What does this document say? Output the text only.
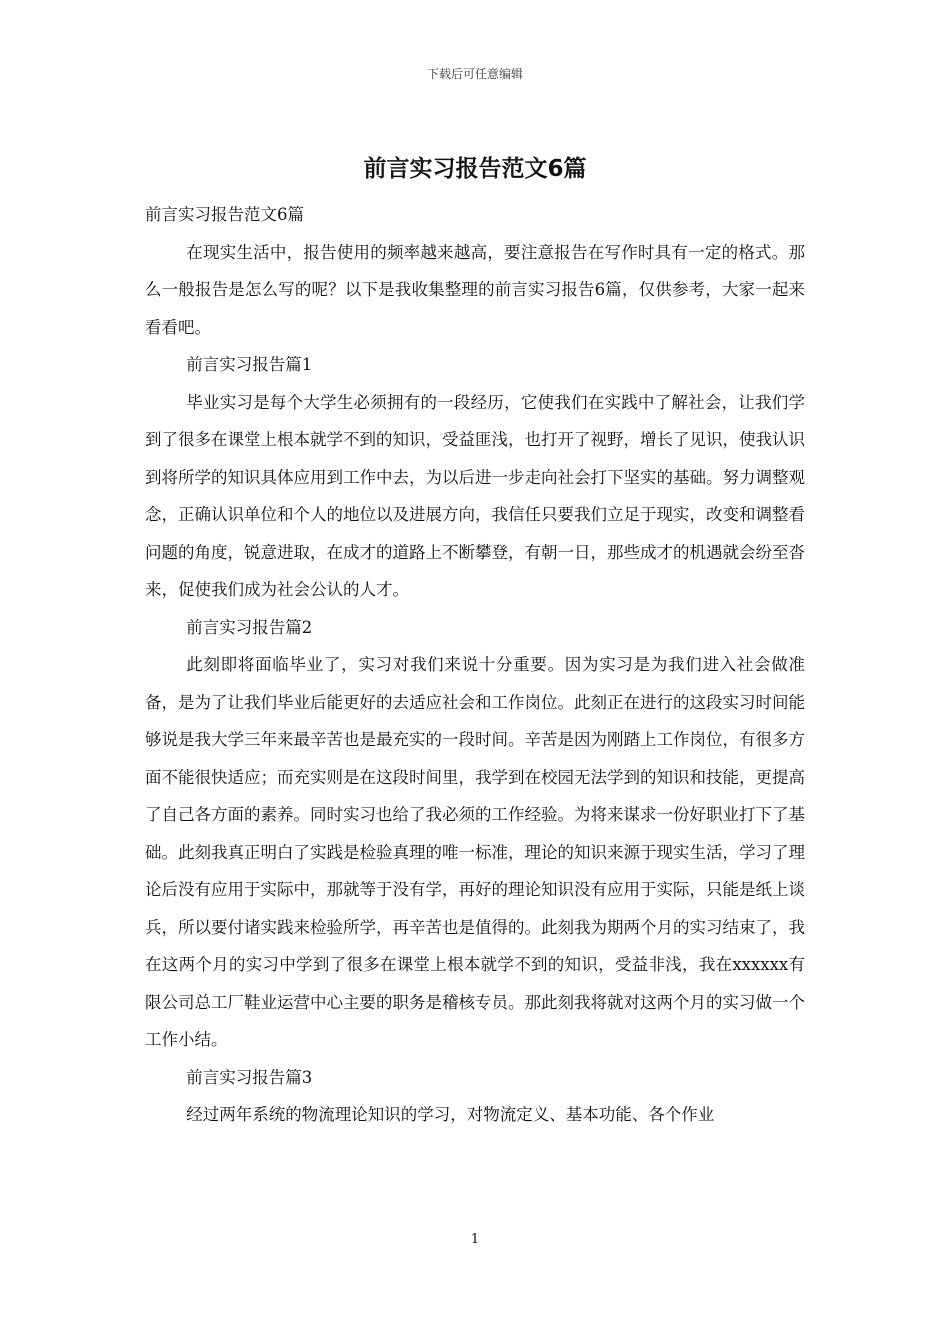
下载后可任意编辑
前言实习报告范文6篇

前言实习报告范文6篇

在现实生活中，报告使用的频率越来越高，要注意报告在写作时具有一定的格式。那么一般报告是怎么写的呢？以下是我收集整理的前言实习报告6篇，仅供参考，大家一起来看看吧。

前言实习报告篇1

毕业实习是每个大学生必须拥有的一段经历，它使我们在实践中了解社会，让我们学到了很多在课堂上根本就学不到的知识，受益匪浅，也打开了视野，增长了见识，使我认识到将所学的知识具体应用到工作中去，为以后进一步走向社会打下坚实的基础。努力调整观念，正确认识单位和个人的地位以及进展方向，我信任只要我们立足于现实，改变和调整看问题的角度，锐意进取，在成才的道路上不断攀登，有朝一日，那些成才的机遇就会纷至沓来，促使我们成为社会公认的人才。

前言实习报告篇2

此刻即将面临毕业了，实习对我们来说十分重要。因为实习是为我们进入社会做准备，是为了让我们毕业后能更好的去适应社会和工作岗位。此刻正在进行的这段实习时间能够说是我大学三年来最辛苦也是最充实的一段时间。辛苦是因为刚踏上工作岗位，有很多方面不能很快适应；而充实则是在这段时间里，我学到在校园无法学到的知识和技能，更提高了自己各方面的素养。同时实习也给了我必须的工作经验。为将来谋求一份好职业打下了基础。此刻我真正明白了实践是检验真理的唯一标准，理论的知识来源于现实生活，学习了理论后没有应用于实际中，那就等于没有学，再好的理论知识没有应用于实际，只能是纸上谈兵，所以要付诸实践来检验所学，再辛苦也是值得的。此刻我为期两个月的实习结束了，我在这两个月的实习中学到了很多在课堂上根本就学不到的知识，受益非浅，我在xxxxxx有限公司总工厂鞋业运营中心主要的职务是稽核专员。那此刻我将就对这两个月的实习做一个工作小结。

前言实习报告篇3

经过两年系统的物流理论知识的学习，对物流定义、基本功能、各个作业

1
